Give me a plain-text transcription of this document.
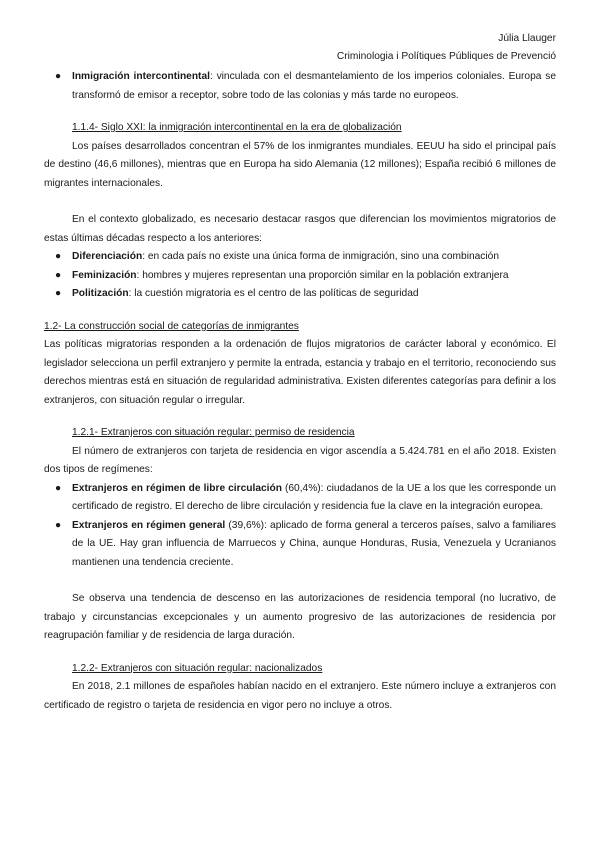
Júlia Llauger
Criminologia i Polítiques Públiques de Prevenció
● Inmigración intercontinental: vinculada con el desmantelamiento de los imperios coloniales. Europa se transformó de emisor a receptor, sobre todo de las colonias y más tarde no europeos.
1.1.4- Siglo XXI: la inmigración intercontinental en la era de globalización

Los países desarrollados concentran el 57% de los inmigrantes mundiales. EEUU ha sido el principal país de destino (46,6 millones), mientras que en Europa ha sido Alemania (12 millones); España recibió 6 millones de migrantes internacionales.

En el contexto globalizado, es necesario destacar rasgos que diferencian los movimientos migratorios de estas últimas décadas respecto a los anteriores:

● Diferenciación: en cada país no existe una única forma de inmigración, sino una combinación
● Feminización: hombres y mujeres representan una proporción similar en la población extranjera
● Politización: la cuestión migratoria es el centro de las políticas de seguridad
1.2- La construcción social de categorías de inmigrantes

Las políticas migratorias responden a la ordenación de flujos migratorios de carácter laboral y económico. El legislador selecciona un perfil extranjero y permite la entrada, estancia y trabajo en el territorio, reconociendo sus derechos mientras está en situación de regularidad administrativa. Existen diferentes categorías para definir a los extranjeros, con situación regular o irregular.

1.2.1- Extranjeros con situación regular: permiso de residencia

El número de extranjeros con tarjeta de residencia en vigor ascendía a 5.424.781 en el año 2018. Existen dos tipos de regímenes:

● Extranjeros en régimen de libre circulación (60,4%): ciudadanos de la UE a los que les corresponde un certificado de registro. El derecho de libre circulación y residencia fue la clave en la integración europea.
● Extranjeros en régimen general (39,6%): aplicado de forma general a terceros países, salvo a familiares de la UE. Hay gran influencia de Marruecos y China, aunque Honduras, Rusia, Venezuela y Ucranianos mantienen una tendencia creciente.

Se observa una tendencia de descenso en las autorizaciones de residencia temporal (no lucrativo, de trabajo y circunstancias excepcionales y un aumento progresivo de las autorizaciones de residencia por reagrupación familiar y de residencia de larga duración.

1.2.2- Extranjeros con situación regular: nacionalizados

En 2018, 2.1 millones de españoles habían nacido en el extranjero. Este número incluye a extranjeros con certificado de registro o tarjeta de residencia en vigor pero no incluye a otros.
